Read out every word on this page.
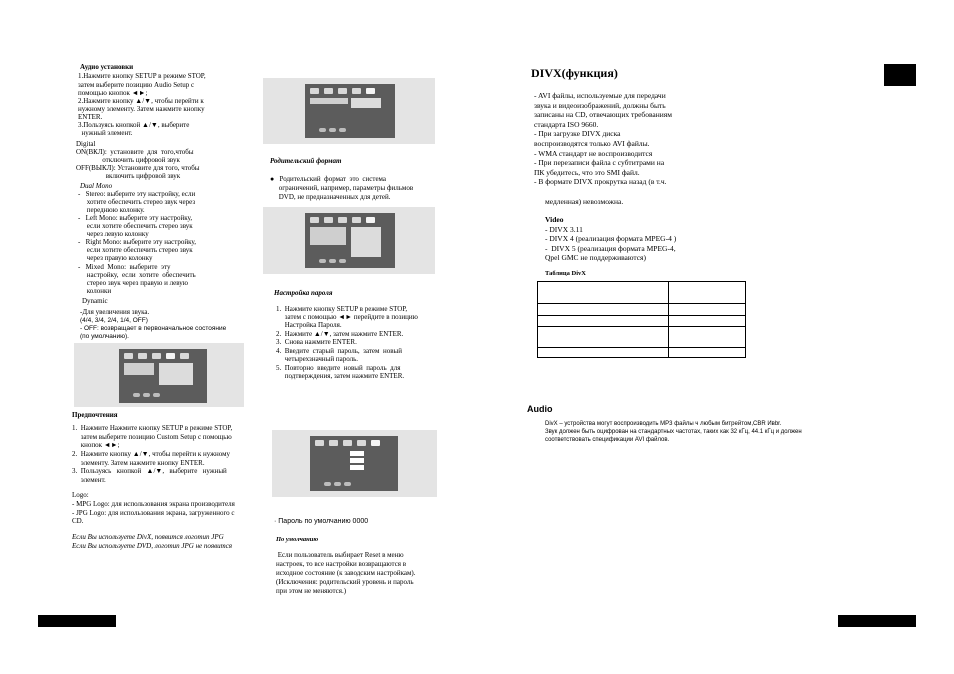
Аудио установки
1.Нажмите кнопку SETUP в режиме STOP,
затем выберите позицию Audio Setup с
помощью кнопок ◄►;
2.Нажмите кнопку ▲/▼, чтобы перейти к
нужному элементу. Затем нажмите кнопку
ENTER.
3.Пользуясь кнопкой ▲/▼, выберите
нужный элемент.
Digital
ON(ВКЛ):  установите  для  того,чтобы
отключить цифровой звук
OFF(ВЫКЛ): Установите для того, чтобы
включить цифровой звук
Dual Mono
-   Stereo: выберите эту настройку, если
хотите обеспечить стерео звук через
переднюю колонку.
-   Left Mono: выберите эту настройку,
если хотите обеспечить стерео звук
через левую колонку
-   Right Mono: выберите эту настройку,
если хотите обеспечить стерео звук
через правую колонку
-   Mixed  Mono:  выберите  эту
настройку,  если  хотите  обеспечить
стерео звук через правую и левую
колонки
Dynamic
-Для увеличения звука.
(4/4, 3/4, 2/4, 1/4, OFF)
- OFF: возвращает в первоначальное состояние
(по умолчанию).
Предпочтения
1.  Нажмите Нажмите кнопку SETUP в режиме STOP,
затем выберите позицию Custom Setup с помощью
кнопок ◄►;
2.  Нажмите кнопку ▲/▼, чтобы перейти к нужному
элементу. Затем нажмите кнопку ENTER.
3.  Пользуясь   кнопкой   ▲/▼,   выберите   нужный
элемент.
Logo:
- MPG Logo: для использования экрана производителя
- JPG Logo: для использования экрана, загруженного с
CD.
Если Вы используете DivX, появится логотип JPG
Если Вы используете DVD, логотип JPG не появится
Родительский формат
●   Родительский  формат  это  система
ограничений, например, параметры фильмов
DVD, не предназначенных для детей.
Настройка пароля
1.  Нажмите кнопку SETUP в режиме STOP,
затем с помощью ◄► перейдите в позицию
Настройка Пароля.
2.  Нажмите ▲/▼, затем нажмите ENTER.
3.  Снова нажмите ENTER.
4.  Введите  старый  пароль,  затем  новый
четырехзначный пароль.
5.  Повторно  введите  новый  пароль  для
подтверждения, затем нажмите ENTER.
· Пароль по умолчанию 0000
По умолчанию
Если пользователь выбирает Reset в меню
настроек, то все настройки возвращаются в
исходное состояние (к заводским настройкам).
(Исключения: родительский уровень и пароль
при этом не меняются.)
DIVX(функция)
- AVI файлы, используемые для передачи
звука и видеоизображений, должны быть
записаны на CD, отвечающих требованиям
стандарта ISO 9660.
- При загрузке DIVX диска
воспроизводятся только AVI файлы.
- WMA стандарт не воспроизводится
- При перезаписи файла с субтитрами на
ПК убедитесь, что это SMI файл.
- В формате DIVX прокрутка назад (в т.ч.
медленная) невозможна.
Video
- DIVX 3.11
- DIVX 4 (реализация формата MPEG-4 )
-  DIVX 5 (реализация формата MPEG-4,
Qpel GMC не поддерживаются)
Таблица DivX

Audio
DivX – устройства могут воспроизводить MP3 файлы ч любым битрейтом,CBR Ивbr.
Звук должен быть оцифрован на стандартных частотах, таких как 32 кГц, 44.1 кГц и должен
соответствовать спецификации AVI файлов.
